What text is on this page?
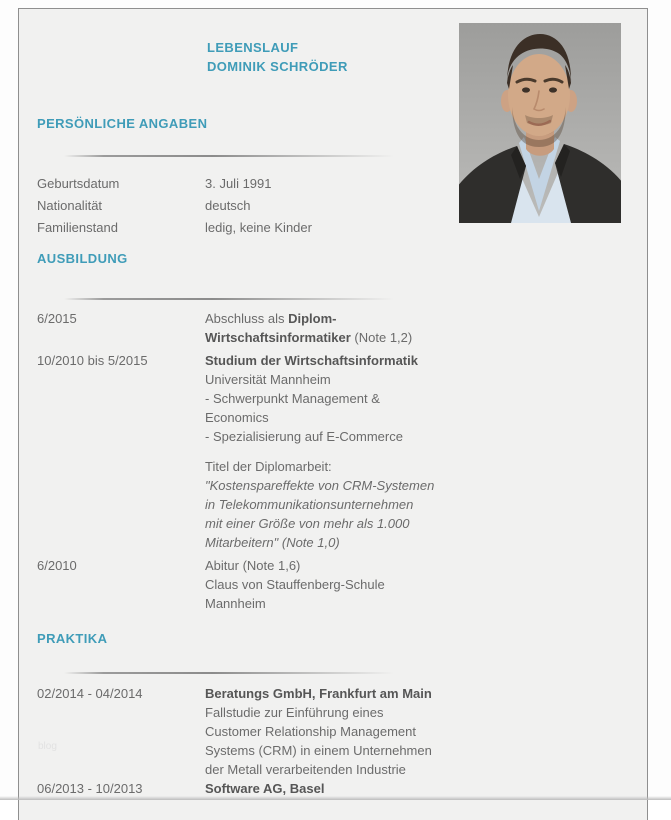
LEBENSLAUF
DOMINIK SCHRÖDER
PERSÖNLICHE ANGABEN
Geburtsdatum	3. Juli 1991
Nationalität	deutsch
Familienstand	ledig, keine Kinder
AUSBILDUNG
6/2015	Abschluss als Diplom-
Wirtschaftsinformatiker (Note 1,2)
10/2010 bis 5/2015	Studium der Wirtschaftsinformatik
Universität Mannheim
- Schwerpunkt Management &
Economics
- Spezialisierung auf E-Commerce
Titel der Diplomarbeit:
"Kostenspareffekte von CRM-Systemen
in Telekommunikationsunternehmen
mit einer Größe von mehr als 1.000
Mitarbeitern" (Note 1,0)
6/2010	Abitur (Note 1,6)
Claus von Stauffenberg-Schule
Mannheim
PRAKTIKA
02/2014 - 04/2014	Beratungs GmbH, Frankfurt am Main
Fallstudie zur Einführung eines
Customer Relationship Management
Systems (CRM) in einem Unternehmen
der Metall verarbeitenden Industrie
06/2013 - 10/2013	Software AG, Basel
blog
